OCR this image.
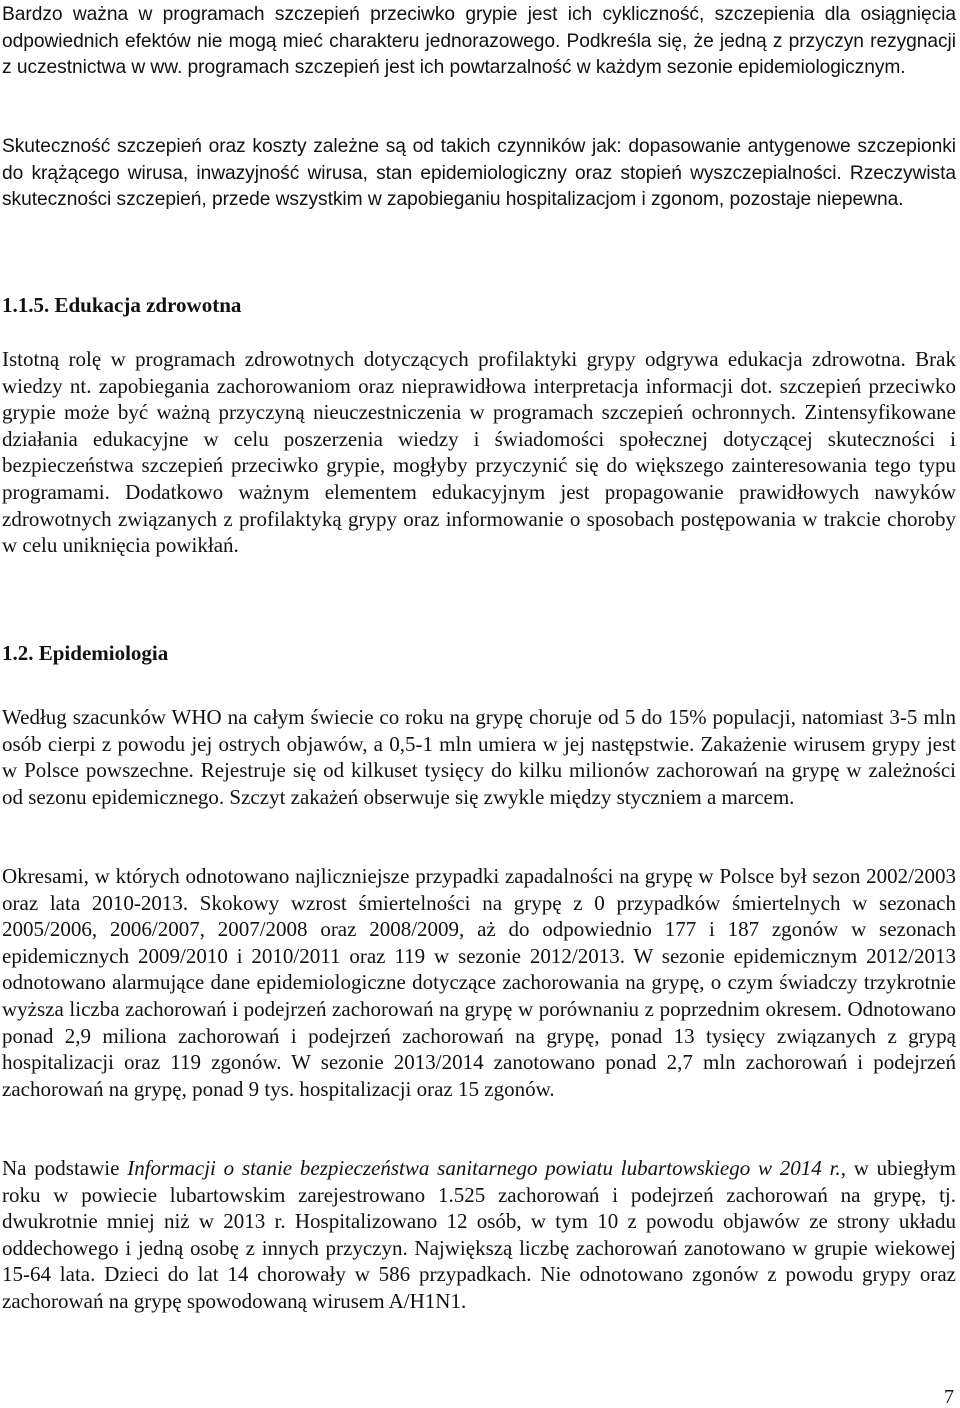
Bardzo ważna w programach szczepień przeciwko grypie jest ich cykliczność, szczepienia dla osiągnięcia odpowiednich efektów nie mogą mieć charakteru jednorazowego. Podkreśla się, że jedną z przyczyn rezygnacji z uczestnictwa w ww. programach szczepień jest ich powtarzalność w każdym sezonie epidemiologicznym.

Skuteczność szczepień oraz koszty zależne są od takich czynników jak: dopasowanie antygenowe szczepionki do krążącego wirusa, inwazyjność wirusa, stan epidemiologiczny oraz stopień wyszczepialności. Rzeczywista skuteczności szczepień, przede wszystkim w zapobieganiu hospitalizacjom i zgonom, pozostaje niepewna.

1.1.5. Edukacja zdrowotna

Istotną rolę w programach zdrowotnych dotyczących profilaktyki grypy odgrywa edukacja zdrowotna. Brak wiedzy nt. zapobiegania zachorowaniom oraz nieprawidłowa interpretacja informacji dot. szczepień przeciwko grypie może być ważną przyczyną nieuczestniczenia w programach szczepień ochronnych. Zintensyfikowane działania edukacyjne w celu poszerzenia wiedzy i świadomości społecznej dotyczącej skuteczności i bezpieczeństwa szczepień przeciwko grypie, mogłyby przyczynić się do większego zainteresowania tego typu programami. Dodatkowo ważnym elementem edukacyjnym jest propagowanie prawidłowych nawyków zdrowotnych związanych z profilaktyką grypy oraz informowanie o sposobach postępowania w trakcie choroby w celu uniknięcia powikłań.

1.2. Epidemiologia

Według szacunków WHO na całym świecie co roku na grypę choruje od 5 do 15% populacji, natomiast 3-5 mln osób cierpi z powodu jej ostrych objawów, a 0,5-1 mln umiera w jej następstwie. Zakażenie wirusem grypy jest w Polsce powszechne. Rejestruje się od kilkuset tysięcy do kilku milionów zachorowań na grypę w zależności od sezonu epidemicznego. Szczyt zakażeń obserwuje się zwykle między styczniem a marcem.

Okresami, w których odnotowano najliczniejsze przypadki zapadalności na grypę w Polsce był sezon 2002/2003 oraz lata 2010-2013. Skokowy wzrost śmiertelności na grypę z 0 przypadków śmiertelnych w sezonach 2005/2006, 2006/2007, 2007/2008 oraz 2008/2009, aż do odpowiednio 177 i 187 zgonów w sezonach epidemicznych 2009/2010 i 2010/2011 oraz 119 w sezonie 2012/2013. W sezonie epidemicznym 2012/2013 odnotowano alarmujące dane epidemiologiczne dotyczące zachorowania na grypę, o czym świadczy trzykrotnie wyższa liczba zachorowań i podejrzeń zachorowań na grypę w porównaniu z poprzednim okresem. Odnotowano ponad 2,9 miliona zachorowań i podejrzeń zachorowań na grypę, ponad 13 tysięcy związanych z grypą hospitalizacji oraz 119 zgonów. W sezonie 2013/2014 zanotowano ponad 2,7 mln zachorowań i podejrzeń zachorowań na grypę, ponad 9 tys. hospitalizacji oraz 15 zgonów.

Na podstawie Informacji o stanie bezpieczeństwa sanitarnego powiatu lubartowskiego w 2014 r., w ubiegłym roku w powiecie lubartowskim zarejestrowano 1.525 zachorowań i podejrzeń zachorowań na grypę, tj. dwukrotnie mniej niż w 2013 r. Hospitalizowano 12 osób, w tym 10 z powodu objawów ze strony układu oddechowego i jedną osobę z innych przyczyn. Największą liczbę zachorowań zanotowano w grupie wiekowej 15-64 lata. Dzieci do lat 14 chorowały w 586 przypadkach. Nie odnotowano zgonów z powodu grypy oraz zachorowań na grypę spowodowaną wirusem A/H1N1.

7
